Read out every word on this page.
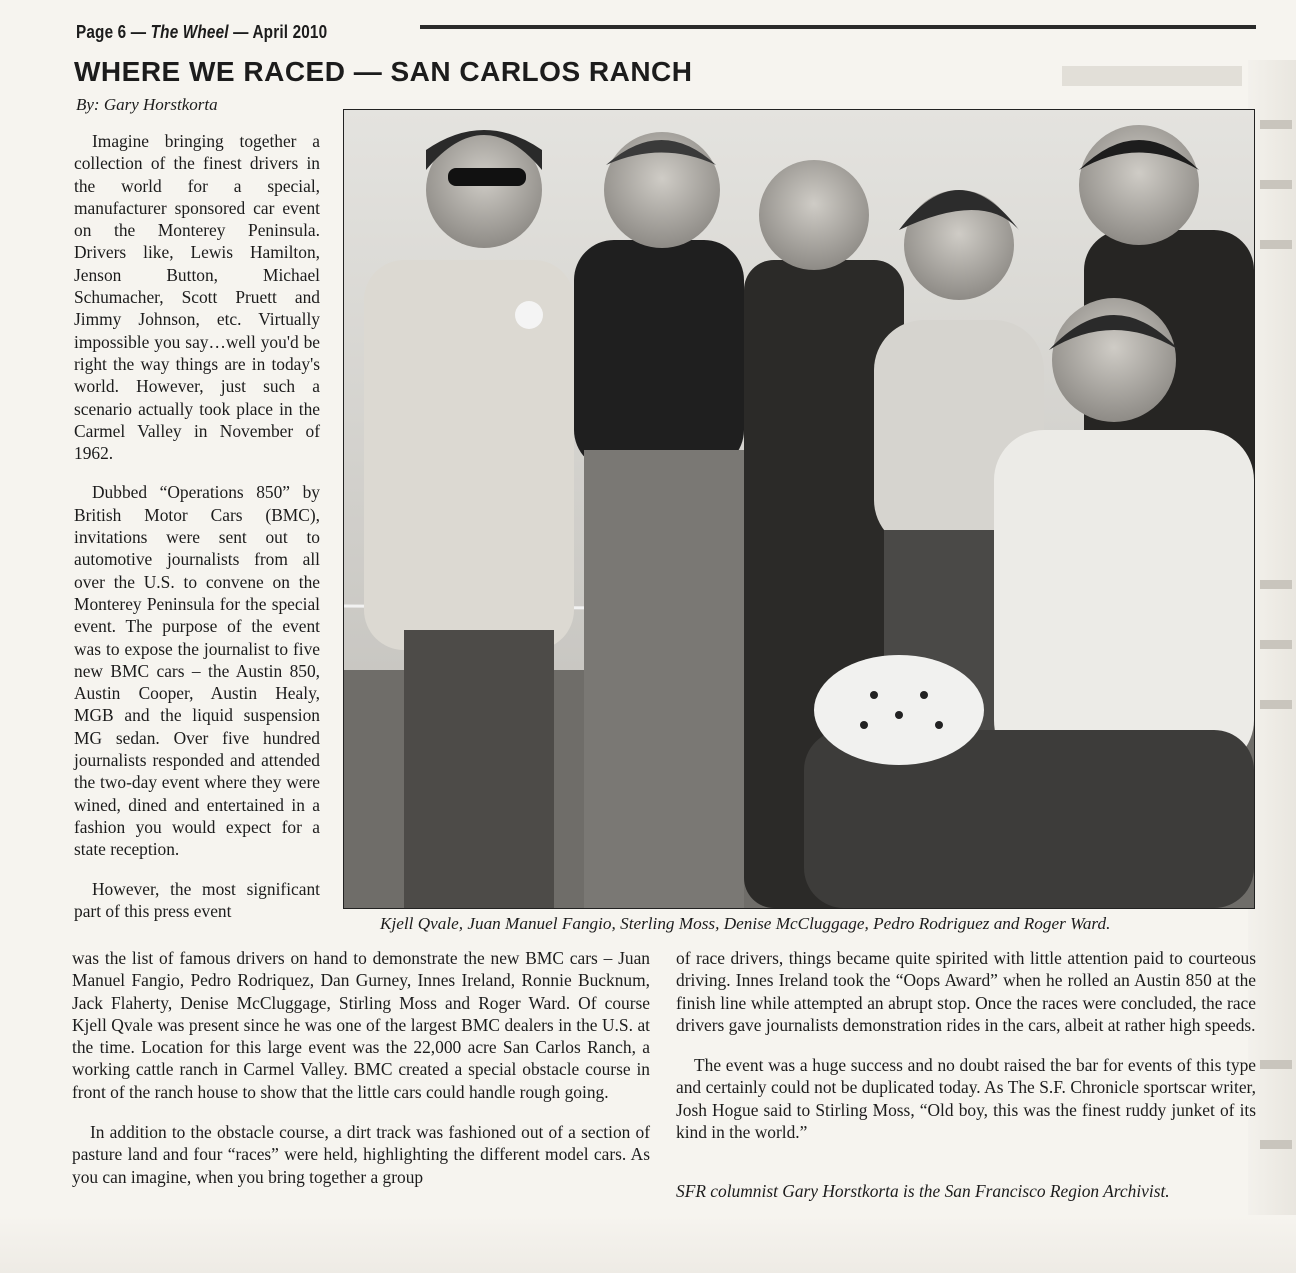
Page 6 — The Wheel — April 2010
WHERE WE RACED — SAN CARLOS RANCH
By: Gary Horstkorta

Imagine bringing together a collection of the finest drivers in the world for a special, manufacturer sponsored car event on the Monterey Peninsula. Drivers like, Lewis Hamilton, Jenson Button, Michael Schumacher, Scott Pruett and Jimmy Johnson, etc. Virtually impossible you say…well you'd be right the way things are in today's world. However, just such a scenario actually took place in the Carmel Valley in November of 1962.

Dubbed “Operations 850” by British Motor Cars (BMC), invitations were sent out to automotive journalists from all over the U.S. to convene on the Monterey Peninsula for the special event. The purpose of the event was to expose the journalist to five new BMC cars – the Austin 850, Austin Cooper, Austin Healy, MGB and the liquid suspension MG sedan. Over five hundred journalists responded and attended the two-day event where they were wined, dined and entertained in a fashion you would expect for a state reception.

However, the most significant part of this press event

Kjell Qvale, Juan Manuel Fangio, Sterling Moss, Denise McCluggage, Pedro Rodriguez and Roger Ward.

was the list of famous drivers on hand to demonstrate the new BMC cars – Juan Manuel Fangio, Pedro Rodriquez, Dan Gurney, Innes Ireland, Ronnie Bucknum, Jack Flaherty, Denise McCluggage, Stirling Moss and Roger Ward. Of course Kjell Qvale was present since he was one of the largest BMC dealers in the U.S. at the time. Location for this large event was the 22,000 acre San Carlos Ranch, a working cattle ranch in Carmel Valley. BMC created a special obstacle course in front of the ranch house to show that the little cars could handle rough going.

In addition to the obstacle course, a dirt track was fashioned out of a section of pasture land and four “races” were held, highlighting the different model cars. As you can imagine, when you bring together a group

of race drivers, things became quite spirited with little attention paid to courteous driving. Innes Ireland took the “Oops Award” when he rolled an Austin 850 at the finish line while attempted an abrupt stop. Once the races were concluded, the race drivers gave journalists demonstration rides in the cars, albeit at rather high speeds.

The event was a huge success and no doubt raised the bar for events of this type and certainly could not be duplicated today. As The S.F. Chronicle sportscar writer, Josh Hogue said to Stirling Moss, “Old boy, this was the finest ruddy junket of its kind in the world.”

SFR columnist Gary Horstkorta is the San Francisco Region Archivist.
